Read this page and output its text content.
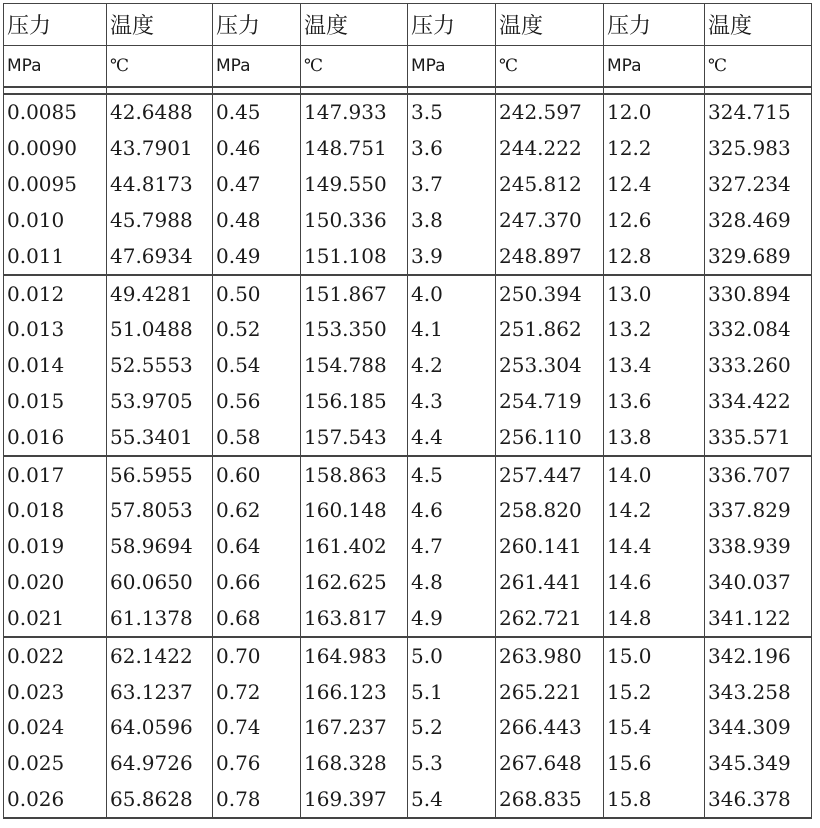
压力	温度	压力	温度	压力	温度	压力	温度
MPa	℃	MPa	℃	MPa	℃	MPa	℃

0.0085	42.6488	0.45	147.933	3.5	242.597	12.0	324.715
0.0090	43.7901	0.46	148.751	3.6	244.222	12.2	325.983
0.0095	44.8173	0.47	149.550	3.7	245.812	12.4	327.234
0.010	45.7988	0.48	150.336	3.8	247.370	12.6	328.469
0.011	47.6934	0.49	151.108	3.9	248.897	12.8	329.689
0.012	49.4281	0.50	151.867	4.0	250.394	13.0	330.894
0.013	51.0488	0.52	153.350	4.1	251.862	13.2	332.084
0.014	52.5553	0.54	154.788	4.2	253.304	13.4	333.260
0.015	53.9705	0.56	156.185	4.3	254.719	13.6	334.422
0.016	55.3401	0.58	157.543	4.4	256.110	13.8	335.571
0.017	56.5955	0.60	158.863	4.5	257.447	14.0	336.707
0.018	57.8053	0.62	160.148	4.6	258.820	14.2	337.829
0.019	58.9694	0.64	161.402	4.7	260.141	14.4	338.939
0.020	60.0650	0.66	162.625	4.8	261.441	14.6	340.037
0.021	61.1378	0.68	163.817	4.9	262.721	14.8	341.122
0.022	62.1422	0.70	164.983	5.0	263.980	15.0	342.196
0.023	63.1237	0.72	166.123	5.1	265.221	15.2	343.258
0.024	64.0596	0.74	167.237	5.2	266.443	15.4	344.309
0.025	64.9726	0.76	168.328	5.3	267.648	15.6	345.349
0.026	65.8628	0.78	169.397	5.4	268.835	15.8	346.378
